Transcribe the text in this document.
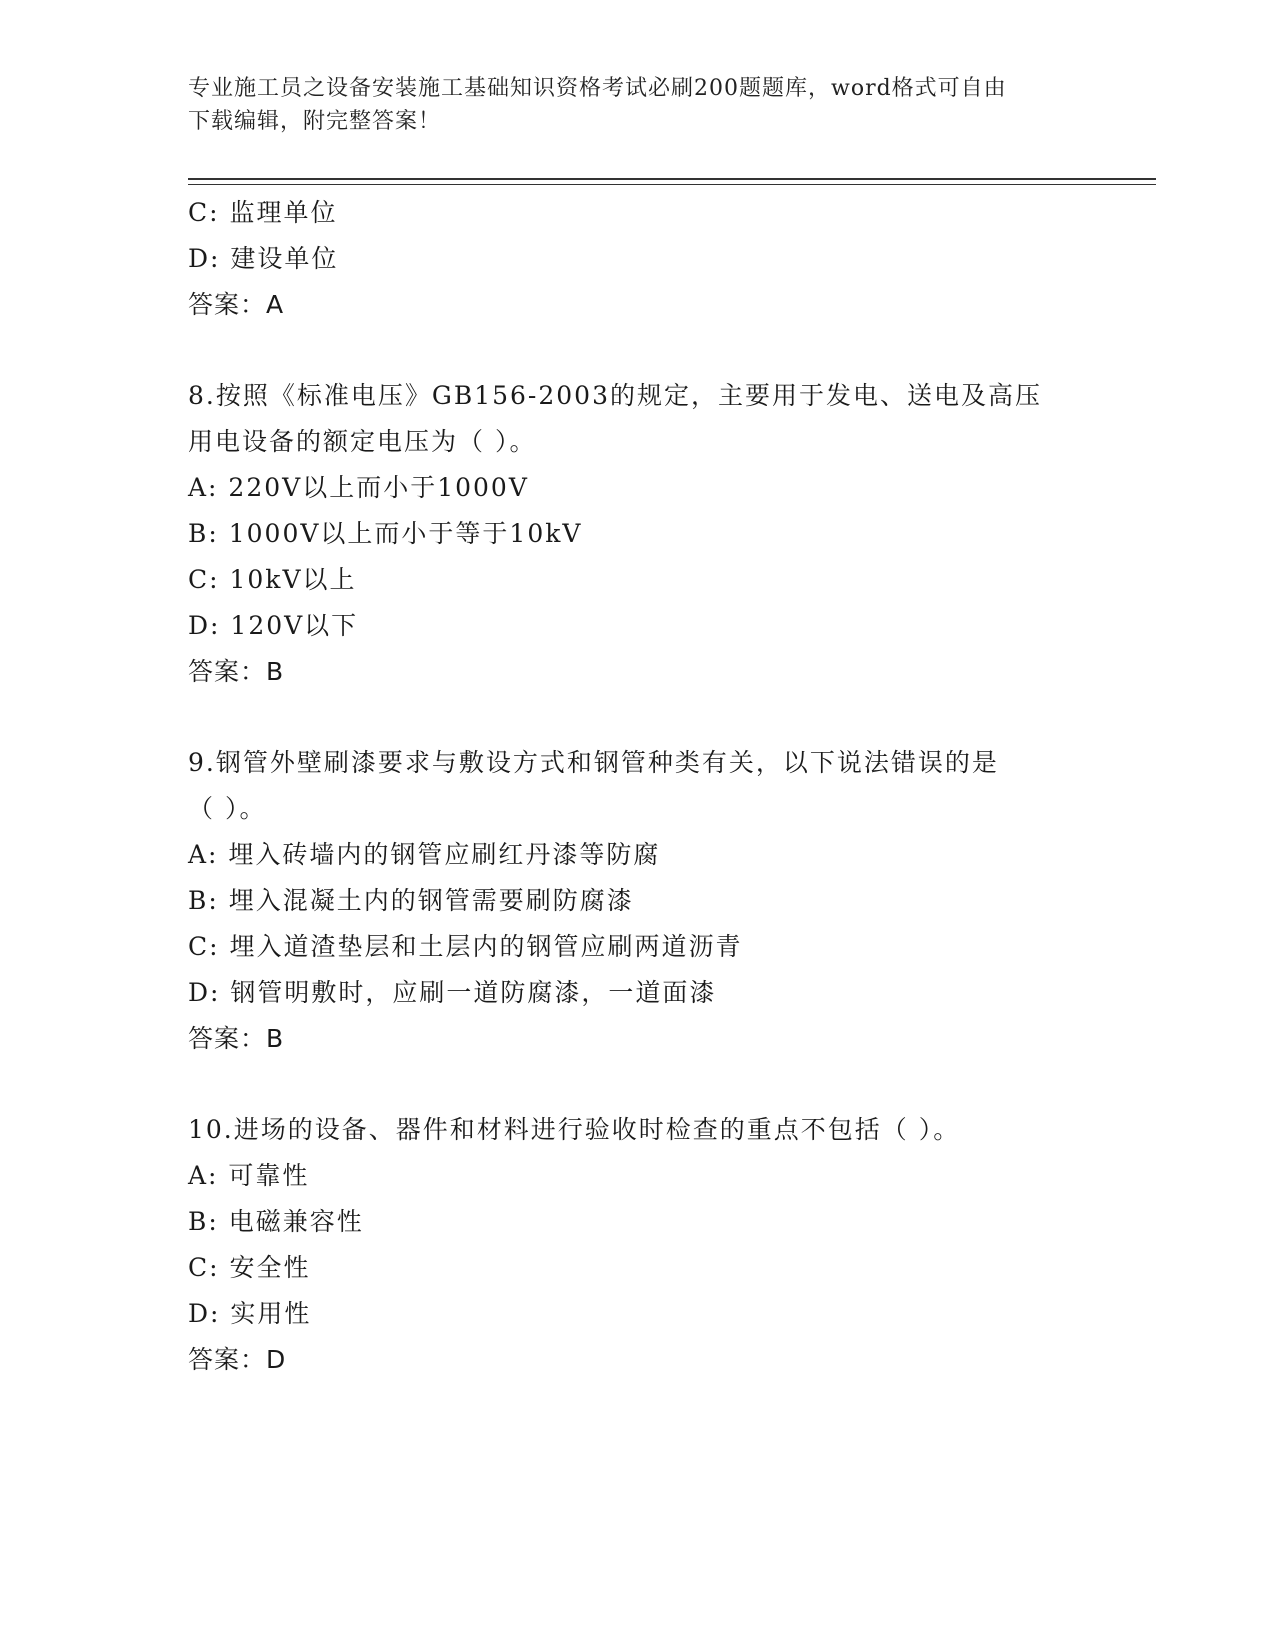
专业施工员之设备安装施工基础知识资格考试必刷200题题库，word格式可自由
下载编辑，附完整答案！
C: 监理单位
D: 建设单位
答案：A
8.按照《标准电压》GB156-2003的规定，主要用于发电、送电及高压
用电设备的额定电压为（ ）。
A: 220V以上而小于1000V
B: 1000V以上而小于等于10kV
C: 10kV以上
D: 120V以下
答案：B
9.钢管外壁刷漆要求与敷设方式和钢管种类有关，以下说法错误的是
（ ）。
A: 埋入砖墙内的钢管应刷红丹漆等防腐
B: 埋入混凝土内的钢管需要刷防腐漆
C: 埋入道渣垫层和土层内的钢管应刷两道沥青
D: 钢管明敷时，应刷一道防腐漆，一道面漆
答案：B
10.进场的设备、器件和材料进行验收时检查的重点不包括（ ）。
A: 可靠性
B: 电磁兼容性
C: 安全性
D: 实用性
答案：D
